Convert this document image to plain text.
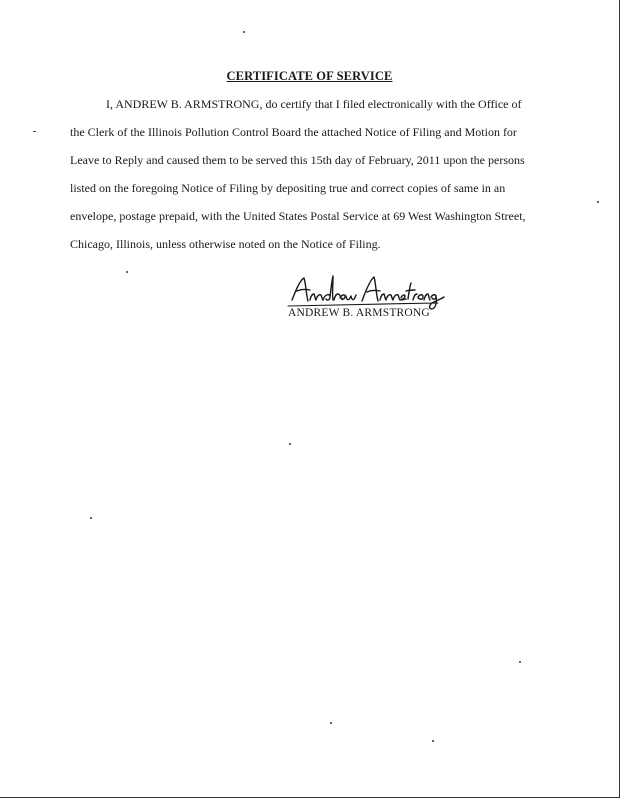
CERTIFICATE OF SERVICE
I, ANDREW B. ARMSTRONG, do certify that I filed electronically with the Office of
the Clerk of the Illinois Pollution Control Board the attached Notice of Filing and Motion for
Leave to Reply and caused them to be served this 15th day of February, 2011 upon the persons
listed on the foregoing Notice of Filing by depositing true and correct copies of same in an
envelope, postage prepaid, with the United States Postal Service at 69 West Washington Street,
Chicago, Illinois, unless otherwise noted on the Notice of Filing.
ANDREW B. ARMSTRONG
